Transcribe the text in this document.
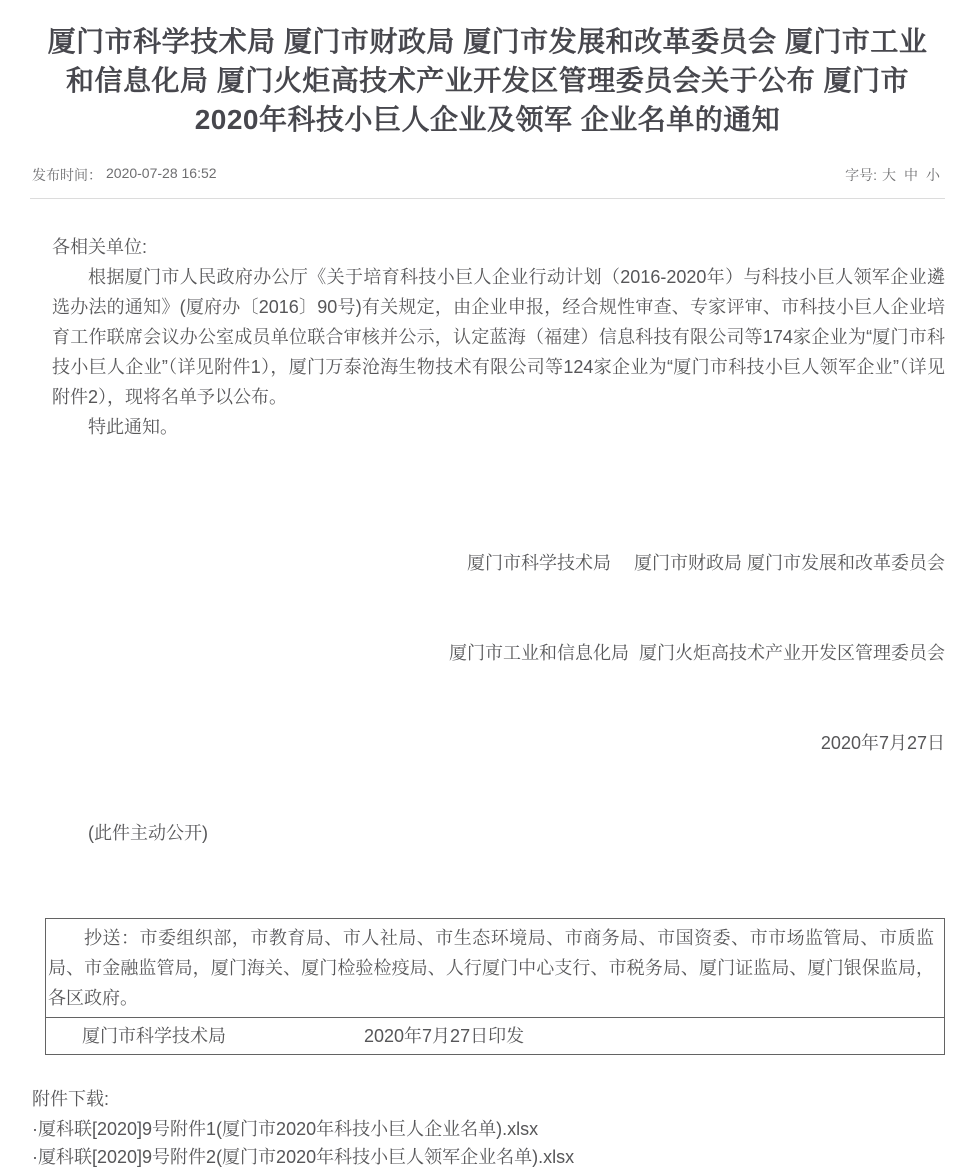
厦门市科学技术局 厦门市财政局 厦门市发展和改革委员会 厦门市工业和信息化局 厦门火炬高技术产业开发区管理委员会关于公布 厦门市2020年科技小巨人企业及领军 企业名单的通知
发布时间： 2020-07-28 16:52	字号: 大 中 小

各相关单位:

根据厦门市人民政府办公厅《关于培育科技小巨人企业行动计划（2016-2020年）与科技小巨人领军企业遴选办法的通知》(厦府办〔2016〕90号)有关规定，由企业申报，经合规性审查、专家评审、市科技小巨人企业培育工作联席会议办公室成员单位联合审核并公示，认定蓝海（福建）信息科技有限公司等174家企业为“厦门市科技小巨人企业”（详见附件1），厦门万泰沧海生物技术有限公司等124家企业为“厦门市科技小巨人领军企业”（详见附件2），现将名单予以公布。

特此通知。

厦门市科学技术局　 厦门市财政局 厦门市发展和改革委员会

厦门市工业和信息化局  厦门火炬高技术产业开发区管理委员会

2020年7月27日

(此件主动公开)

抄送：市委组织部，市教育局、市人社局、市生态环境局、市商务局、市国资委、市市场监管局、市质监局、市金融监管局，厦门海关、厦门检验检疫局、人行厦门中心支行、市税务局、厦门证监局、厦门银保监局，各区政府。
厦门市科学技术局	2020年7月27日印发
附件下载:
·厦科联[2020]9号附件1(厦门市2020年科技小巨人企业名单).xlsx
·厦科联[2020]9号附件2(厦门市2020年科技小巨人领军企业名单).xlsx
